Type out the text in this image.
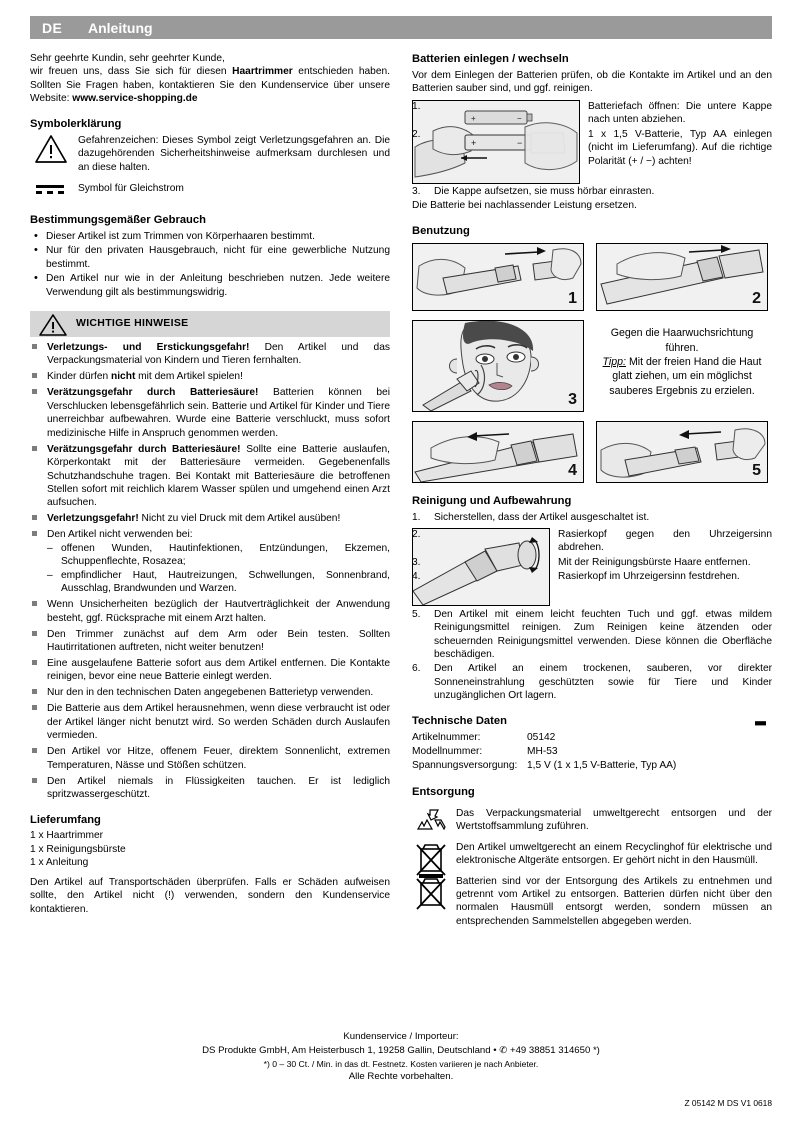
DE Anleitung

Sehr geehrte Kundin, sehr geehrter Kunde,

wir freuen uns, dass Sie sich für diesen Haartrimmer entschieden haben. Sollten Sie Fragen haben, kontaktieren Sie den Kundenservice über unsere Website: www.service-shopping.de

Symbolerklärung

Gefahrenzeichen: Dieses Symbol zeigt Verletzungsgefahren an. Die dazugehörenden Sicherheitshinweise aufmerksam durchlesen und an diese halten.

Symbol für Gleichstrom

Bestimmungsgemäßer Gebrauch
• Dieser Artikel ist zum Trimmen von Körperhaaren bestimmt.
• Nur für den privaten Hausgebrauch, nicht für eine gewerbliche Nutzung bestimmt.
• Den Artikel nur wie in der Anleitung beschrieben nutzen. Jede weitere Verwendung gilt als bestimmungswidrig.
WICHTIGE HINWEISE
Verletzungs- und Erstickungsgefahr! Den Artikel und das Verpackungsmaterial von Kindern und Tieren fernhalten.
Kinder dürfen nicht mit dem Artikel spielen!
Verätzungsgefahr durch Batteriesäure! Batterien können bei Verschlucken lebensgefährlich sein. Batterie und Artikel für Kinder und Tiere unerreichbar aufbewahren. Wurde eine Batterie verschluckt, muss sofort medizinische Hilfe in Anspruch genommen werden.
Verätzungsgefahr durch Batteriesäure! Sollte eine Batterie auslaufen, Körperkontakt mit der Batteriesäure vermeiden. Gegebenenfalls Schutzhandschuhe tragen. Bei Kontakt mit Batteriesäure die betroffenen Stellen sofort mit reichlich klarem Wasser spülen und umgehend einen Arzt aufsuchen.
Verletzungsgefahr! Nicht zu viel Druck mit dem Artikel ausüben!
Den Artikel nicht verwenden bei:
– offenen Wunden, Hautinfektionen, Entzündungen, Ekzemen, Schuppenflechte, Rosazea;
– empfindlicher Haut, Hautreizungen, Schwellungen, Sonnenbrand, Ausschlag, Brandwunden und Warzen.
Wenn Unsicherheiten bezüglich der Hautverträglichkeit der Anwendung besteht, ggf. Rücksprache mit einem Arzt halten.
Den Trimmer zunächst auf dem Arm oder Bein testen. Sollten Hautirritationen auftreten, nicht weiter benutzen!
Eine ausgelaufene Batterie sofort aus dem Artikel entfernen. Die Kontakte reinigen, bevor eine neue Batterie einlegt werden.
Nur den in den technischen Daten angegebenen Batterietyp verwenden.
Die Batterie aus dem Artikel herausnehmen, wenn diese verbraucht ist oder der Artikel länger nicht benutzt wird. So werden Schäden durch Auslaufen vermieden.
Den Artikel vor Hitze, offenem Feuer, direktem Sonnenlicht, extremen Temperaturen, Nässe und Stößen schützen.
Den Artikel niemals in Flüssigkeiten tauchen. Er ist lediglich spritzwassergeschützt.
Lieferumfang

1 x Haartrimmer

1 x Reinigungsbürste

1 x Anleitung

Den Artikel auf Transportschäden überprüfen. Falls er Schäden aufweisen sollte, den Artikel nicht (!) verwenden, sondern den Kundenservice kontaktieren.

Batterien einlegen / wechseln

Vor dem Einlegen der Batterien prüfen, ob die Kontakte im Artikel und an den Batterien sauber sind, und ggf. reinigen.

+	−
+	−
1.	Batteriefach öffnen: Die untere Kappe nach unten abziehen.
2.	1 x 1,5 V-Batterie, Typ AA einlegen (nicht im Lieferumfang). Auf die richtige Polarität (+ / −) achten!
3.	Die Kappe aufsetzen, sie muss hörbar einrasten.

Die Batterie bei nachlassender Leistung ersetzen.

Benutzung
1	2
3
Gegen die Haarwuchsrichtung
führen.
Tipp: Mit der freien Hand die Haut glatt ziehen, um ein möglichst sauberes Ergebnis zu erzielen.
4	5
Reinigung und Aufbewahrung
1.	Sicherstellen, dass der Artikel ausgeschaltet ist.
2.	Rasierkopf gegen den Uhrzeigersinn abdrehen.
3.	Mit der Reinigungsbürste Haare entfernen.
4.	Rasierkopf im Uhrzeigersinn festdrehen.
5.	Den Artikel mit einem leicht feuchten Tuch und ggf. etwas mildem Reinigungsmittel reinigen. Zum Reinigen keine ätzenden oder scheuernden Reinigungsmittel verwenden. Diese können die Oberfläche beschädigen.
6.	Den Artikel an einem trockenen, sauberen, vor direkter Sonneneinstrahlung geschützten sowie für Tiere und Kinder unzugänglichen Ort lagern.
Technische Daten
Artikelnummer:	05142
Modellnummer:	MH-53
Spannungsversorgung:	1,5 V (1 x 1,5 V-Batterie, Typ AA)
Entsorgung

Das Verpackungsmaterial umweltgerecht entsorgen und der Wertstoffsammlung zuführen.

Den Artikel umweltgerecht an einem Recyclinghof für elektrische und elektronische Altgeräte entsorgen. Er gehört nicht in den Hausmüll.

Batterien sind vor der Entsorgung des Artikels zu entnehmen und getrennt vom Artikel zu entsorgen. Batterien dürfen nicht über den normalen Hausmüll entsorgt werden, sondern müssen an entsprechenden Sammelstellen abgegeben werden.

Kundenservice / Importeur:
DS Produkte GmbH, Am Heisterbusch 1, 19258 Gallin, Deutschland • ✆ +49 38851 314650 *)
*) 0 – 30 Ct. / Min. in das dt. Festnetz. Kosten variieren je nach Anbieter.
Alle Rechte vorbehalten.
Z 05142 M DS V1 0618
